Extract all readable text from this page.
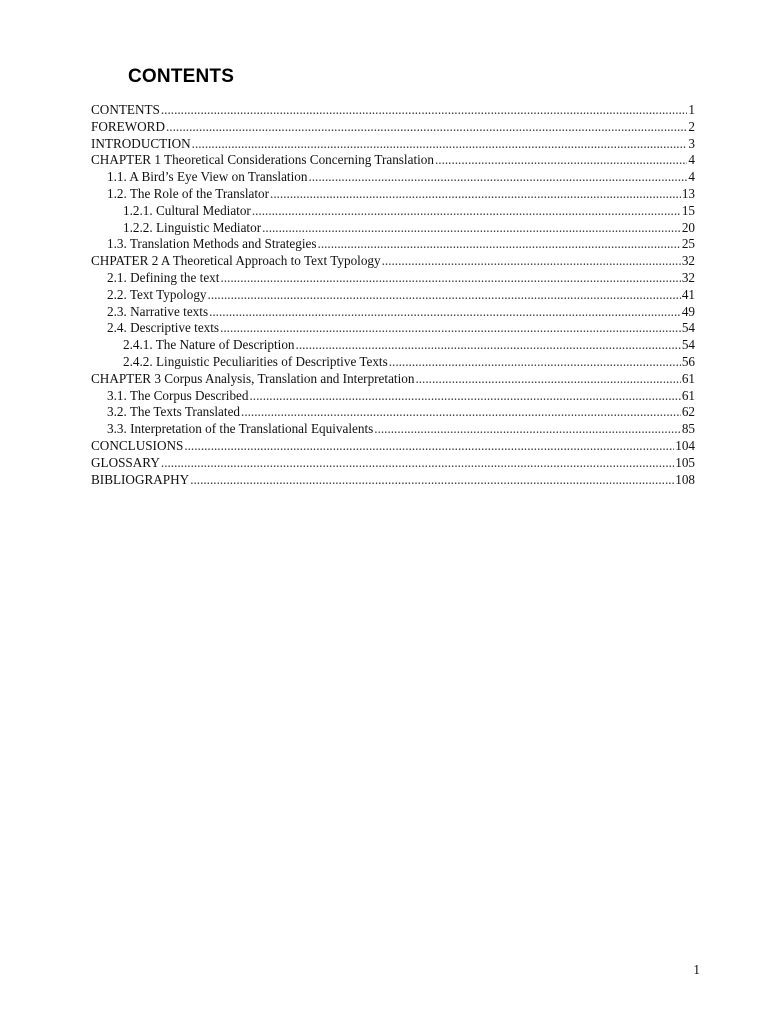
CONTENTS
CONTENTS .....	1
FOREWORD .....	2
INTRODUCTION .....	3
CHAPTER 1 Theoretical Considerations Concerning Translation .....	4
1.1. A Bird’s Eye View on Translation .....	4
1.2. The Role of the Translator .....	13
1.2.1. Cultural Mediator .....	15
1.2.2. Linguistic Mediator .....	20
1.3. Translation Methods and Strategies .....	25
CHPATER 2 A Theoretical Approach to Text Typology .....	32
2.1. Defining the text .....	32
2.2. Text Typology .....	41
2.3. Narrative texts .....	49
2.4. Descriptive texts .....	54
2.4.1. The Nature of Description .....	54
2.4.2. Linguistic Peculiarities of Descriptive Texts .....	56
CHAPTER 3 Corpus Analysis, Translation and Interpretation .....	61
3.1. The Corpus Described .....	61
3.2. The Texts Translated .....	62
3.3. Interpretation of the Translational Equivalents .....	85
CONCLUSIONS .....	104
GLOSSARY .....	105
BIBLIOGRAPHY .....	108
1
